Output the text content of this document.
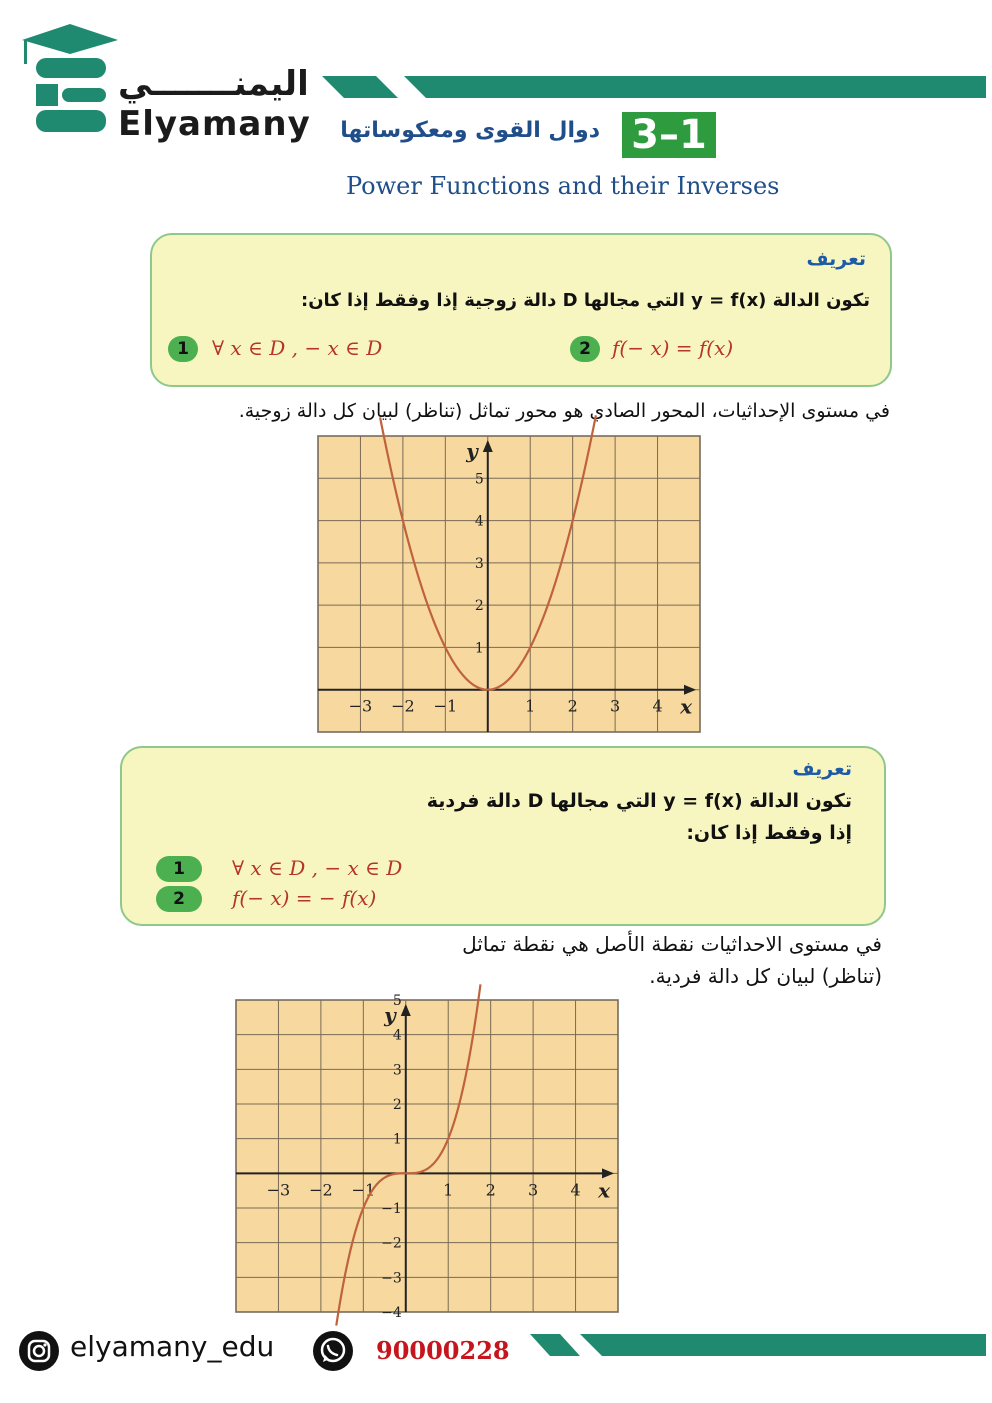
اليمنـــــــي
Elyamany	3–1
دوال القوى ومعكوساتها
Power Functions and their Inverses
تعريف
تكون الدالة y = f(x) التي مجالها D دالة زوجية إذا وفقط إذا كان:
1	∀ x ∈ D , − x ∈ D	2	f(− x) = f(x)
في مستوى الإحداثيات، المحور الصادي هو محور تماثل (تناظر) لبيان كل دالة زوجية.
−3 −2 −1	1 2 3 4
1
2
3
4
5
x
y
تعريف
تكون الدالة y = f(x) التي مجالها D دالة فردية
إذا وفقط إذا كان:
1	∀ x ∈ D , − x ∈ D
2	f(− x) = − f(x)
في مستوى الاحداثيات نقطة الأصل هي نقطة تماثل
(تناظر) لبيان كل دالة فردية.
−3 −2 −1	1 2 3 4
5
4
3
2
1
−1
−2
−3
−4
x
y
elyamany_edu	90000228
